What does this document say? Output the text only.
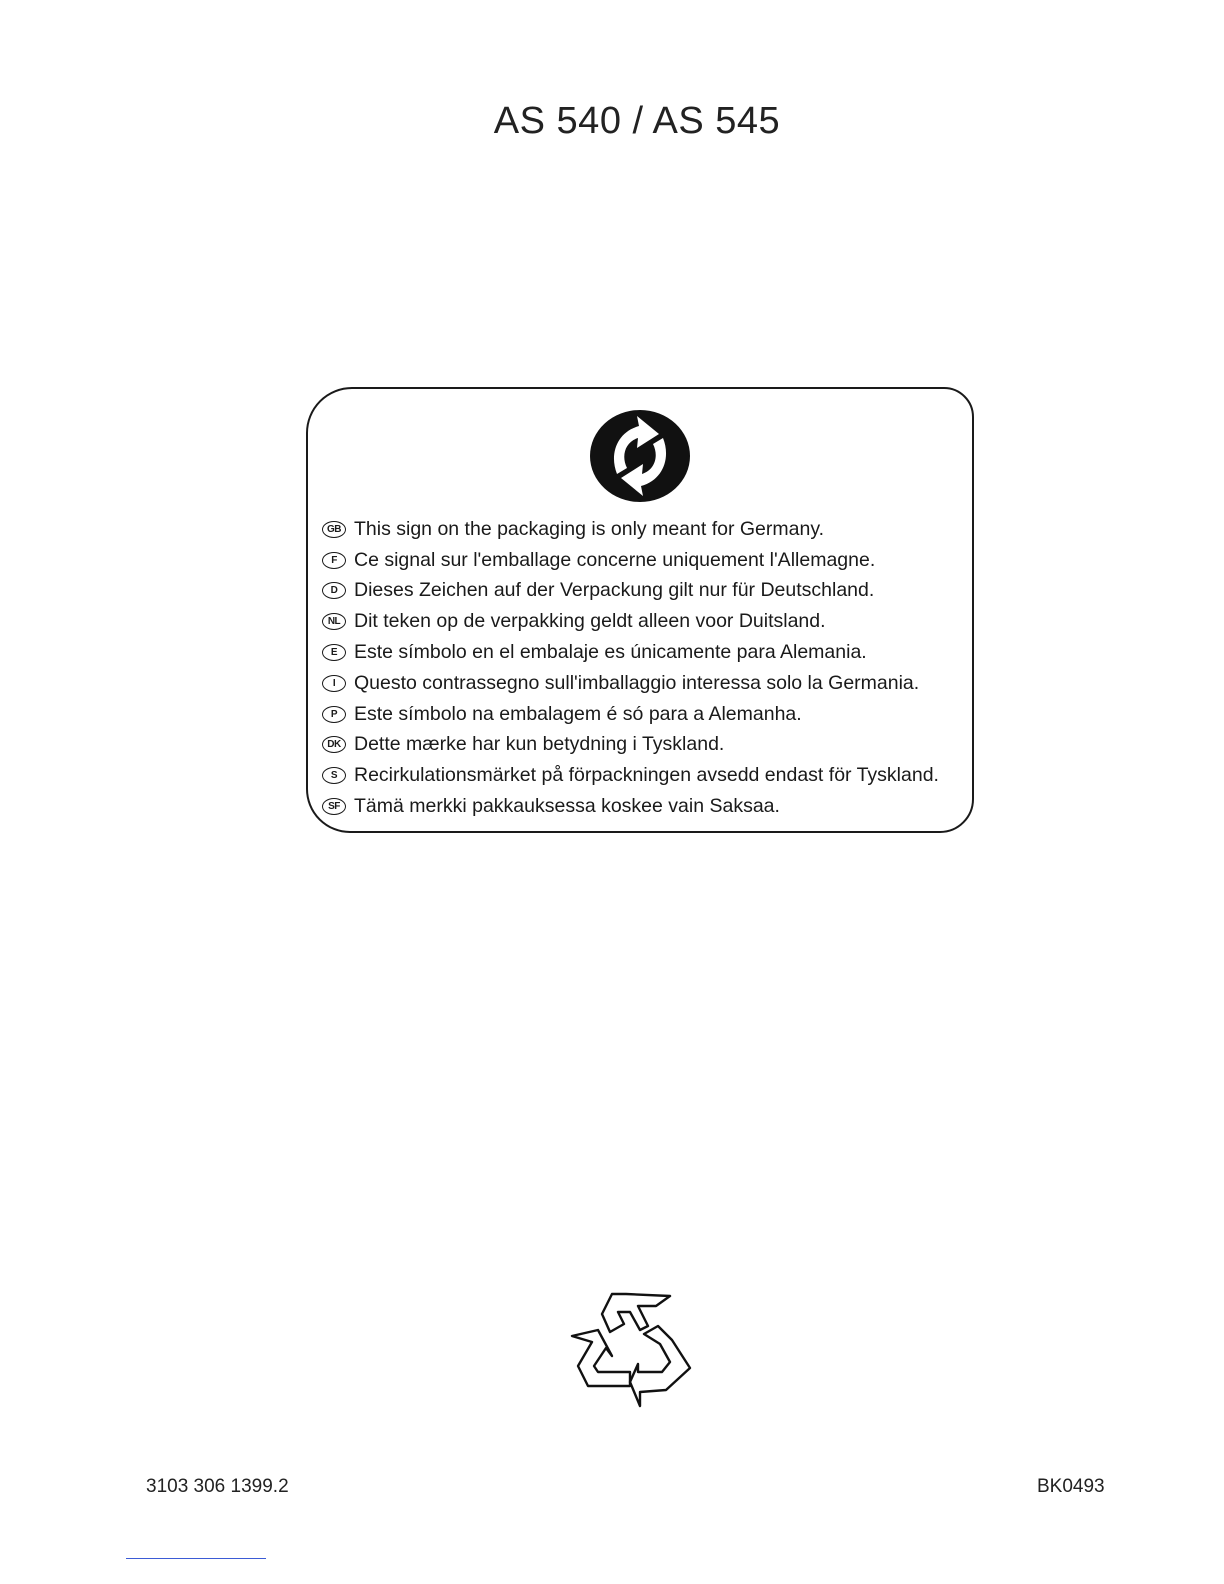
AS 540 / AS 545
GB This sign on the packaging is only meant for Germany.
F Ce signal sur l'emballage concerne uniquement l'Allemagne.
D Dieses Zeichen auf der Verpackung gilt nur für Deutschland.
NL Dit teken op de verpakking geldt alleen voor Duitsland.
E Este símbolo en el embalaje es únicamente para Alemania.
I Questo contrassegno sull'imballaggio interessa solo la Germania.
P Este símbolo na embalagem é só para a Alemanha.
DK Dette mærke har kun betydning i Tyskland.
S Recirkulationsmärket på förpackningen avsedd endast för Tyskland.
SF Tämä merkki pakkauksessa koskee vain Saksaa.
3103 306 1399.2	BK0493
